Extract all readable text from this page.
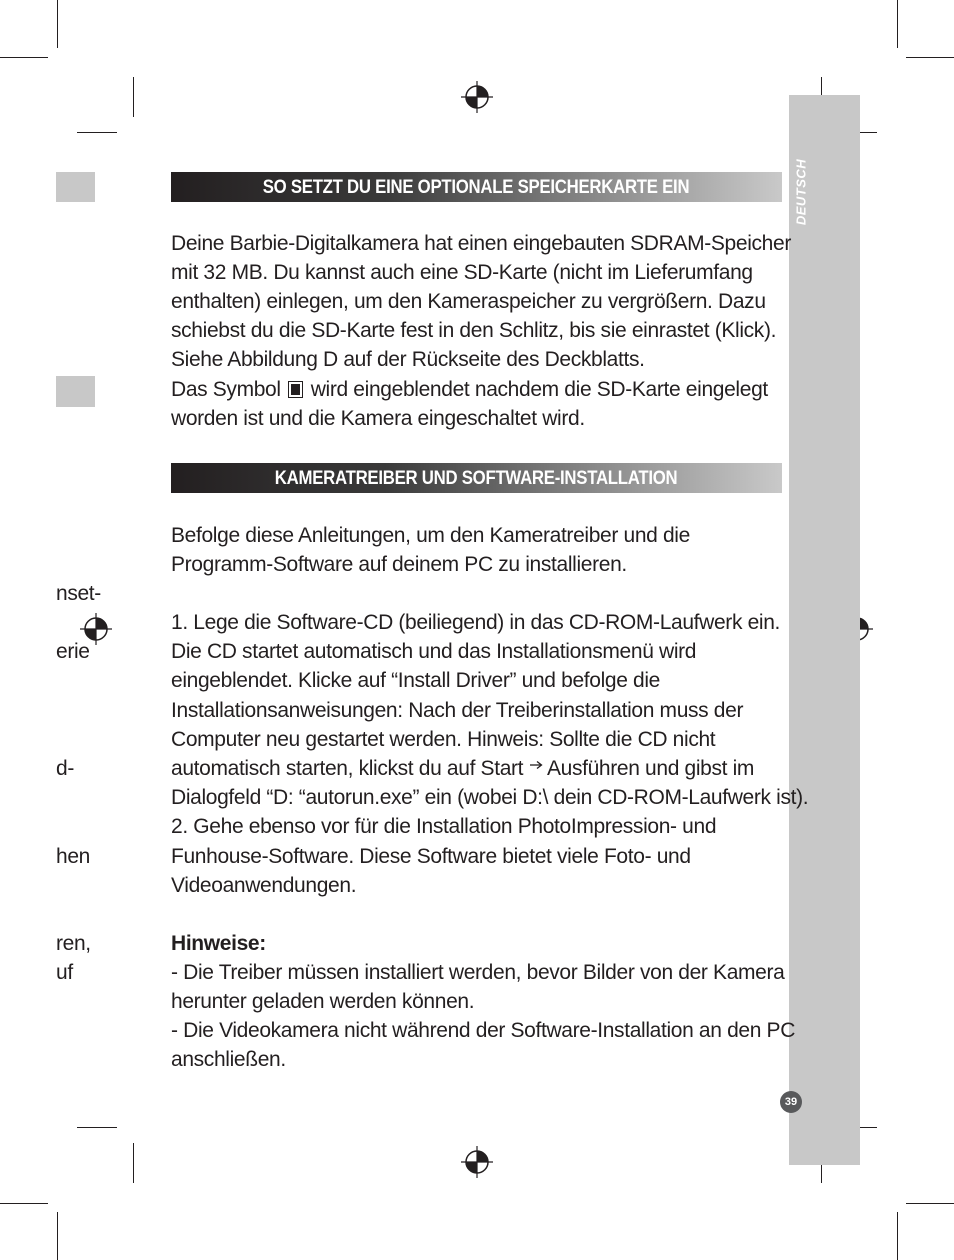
DEUTSCH
39
nset-
erie
d-
hen
ren,
uf
SO SETZT DU EINE OPTIONALE SPEICHERKARTE EIN
Deine Barbie-Digitalkamera hat einen eingebauten SDRAM-Speicher
mit 32 MB. Du kannst auch eine SD-Karte (nicht im Lieferumfang
enthalten) einlegen, um den Kameraspeicher zu vergrößern. Dazu
schiebst du die SD-Karte fest in den Schlitz, bis sie einrastet (Klick).
Siehe Abbildung D auf der Rückseite des Deckblatts.
Das Symbol wird eingeblendet nachdem die SD-Karte eingelegt
worden ist und die Kamera eingeschaltet wird.
KAMERATREIBER UND SOFTWARE-INSTALLATION
Befolge diese Anleitungen, um den Kameratreiber und die
Programm-Software auf deinem PC zu installieren.
1. Lege die Software-CD (beiliegend) in das CD-ROM-Laufwerk ein.
Die CD startet automatisch und das Installationsmenü wird
eingeblendet. Klicke auf “Install Driver” und befolge die
Installationsanweisungen: Nach der Treiberinstallation muss der
Computer neu gestartet werden. Hinweis: Sollte die CD nicht
automatisch starten, klickst du auf Start Ausführen und gibst im
Dialogfeld “D: “autorun.exe” ein (wobei D:\ dein CD-ROM-Laufwerk ist).
2. Gehe ebenso vor für die Installation PhotoImpression- und
Funhouse-Software. Diese Software bietet viele Foto- und
Videoanwendungen.
Hinweise:
- Die Treiber müssen installiert werden, bevor Bilder von der Kamera
herunter geladen werden können.
- Die Videokamera nicht während der Software-Installation an den PC
anschließen.
